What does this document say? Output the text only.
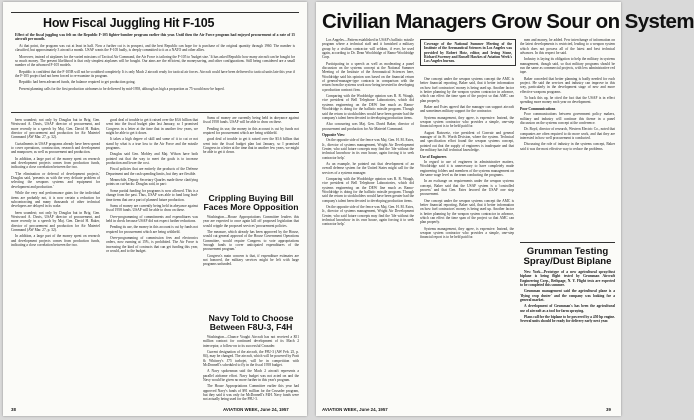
How Fiscal Juggling Hit F-105
Effect of the fiscal juggling was felt on the Republic F-105 fighter-bomber program earlier this year. Until then the Air Force program had enjoyed procurement of a rate of 15 aircraft per month.

At that point, the program was cut at least in half. Now a further cut is in prospect, and the best Republic can hope for is purchase of the original quantity through 1960. The number is classified, but approximately 3 aircraft a month. USAF wants the F-105 badly, is deeply committed to it as a NATO and other allies.

Moreover, instead of airplanes for the varied missions of Tactical Air Command, the Air Force is tailoring the F-105 to 'budget size.' It has asked Republic how many aircraft can be bought for so much money. The present likelihood is that only simplest airplanes will be bought. Our aims are the efficient, the moneysaving, and other configurations. Still being considered are a small number of the advanced F-105 models.

Republic is confident that the F-105B will not be scrubbed completely. It is only Mach 2 aircraft ready for tactical air forces. Aircraft could have been delivered to tactical units late this year if the F-105 project had not been forced to re-examine its program.

Republic had been advanced funds, the balance required to get production going.

Present planning calls for the first production airframes to be delivered by mid-1958, although as high a proportion as 75 would now be hoped.

been soundest; not only by Douglas but in Brig. Gen. Westwood A. Davis, USAF director of procurement, and more recently in a speech by Maj. Gen. David H. Baker, director of procurement and production for Air Materiel Command (AW Mar. 27, p. 32).

Curtailments in USAF programs already have been spread to cover operations, construction, research and development and manpower, as well as procurement and production.

In addition, a large part of the money spent on research and development projects comes from production funds, indicating a close correlation between the two.

'The elimination or deferral of development projects,' Douglas said, 'presents us with the very delicate problem of selecting the weapons systems and equipment for development and production.'

While the very real performance gains for the individual items are probably not, it is now certain a reduction for subcontracting and many thousands of other technical developers are delayed in its wake.

been soundest; not only by Douglas but in Brig. Gen. Westwood A. Davis, USAF director of procurement, and more recently in a speech by Maj. Gen. David H. Baker, director of procurement and production for Air Materiel Command (AW Mar. 27, p. 32).

In addition, a large part of the money spent on research and development projects comes from production funds, indicating a close correlation between the two.

good deal of trouble to get it raised over the $3.6 billion that went into the fiscal budget plan last January, so I promised Congress in a letter at the time that in another few years, we might be able to get it down.

It takes a high degree of skill and some of it to cut or not stand by what is a true loss to the Air Force and the missile programs.

Douglas said Gen. Mobley and Maj. Wilson have both pointed out that the way to meet the goals is to increase production and lower the cost.

Fiscal policies that are entirely the products of the Defense Department and the cash spending limits, but they are flexible.

Meanwhile, Deputy Secretary Quarles made these clarifying points on cut-backs: Douglas said, in part:

Some partial funding for programs is now allowed. This is a change from the past. Thus, USAF was able to fund long lead-time items that are a part of planned future production.

Sums of money are currently being held in abeyance against fiscal 1958 funds. USAF will be able to draw on these.

Over-programming of commitments and expenditures was held in check because USAF did not expect further reductions.

Pending its use, the money in this account is cut by funds not required for procurement which are being withheld.

Over-programming of commission fees and electronics orders, now running at 15%, is prohibited. The Air Force is increasing the kind of contracts that can get funding this year, or would, and to the budget.

Sums of money are currently being held in abeyance against fiscal 1958 funds. USAF will be able to draw on these.

Pending its use, the money in this account is cut by funds not required for procurement which are being withheld.

good deal of trouble to get it raised over the $3.6 billion that went into the fiscal budget plan last January, so I promised Congress in a letter at the time that in another few years, we might be able to get it down.

Crippling Buying Bill Faces More Opposition

Washington—House Appropriations Committee leaders this year are expected to once again kill off proposed legislation that would cripple the proposed services' procurement policies.

The measure, which already has been approved by the House, would cut general approval of the House Government Operations Committee, would require Congress to vote appropriations 'enough funds to cover anticipated expenditures of the procurement program.'

Congress's main concern is that, if expenditure estimates are not honored, the military services might be left with large programs unfunded.

Navy Told to Choose Between F8U-3, F4H

Washington—Chance Vought Aircraft has not received a $51 million contract for continued development of its Mach 2 interceptor, a follow-on to its successful Crusader.

Current designation of the aircraft, the F8U-3 (AW Feb. 25, p. 84), may be changed. The aircraft, which will be powered by Pratt & Whitney's J75 turbojet, will be in competition with McDonnell's scheduled to fly in the fiscal 1958 budget.

A Navy spokesman said the Mach 2 aircraft represents a parallel airframe effort. Navy budget was not acted on and the Navy would be given no more further in this year's program.

The House Appropriations Committee earlier this year had approved Navy's funds of $91 million for the Crusader program, but they said it was only for McDonnell's F4H. Navy funds were not actually being used for the F8U-3.

38	AVIATION WEEK, June 24, 1957
Civilian Managers Grow Sour on System

Los Angeles—Pattern established in USAF's ballistic missile program where a technical staff and it furnished a military group by a civilian contractor will seldom, if ever, be used again, according to Dr. Dean Wooldridge of Ramo-Wooldridge Corp.

Participating in a speech as well as moderating a panel discussion on the systems concept at the National Summer Meeting of the Institute of the Aeronautical Sciences here, Wooldridge said his opinion was based on the financial return of general-manager-type contracts in comparison with the return from the systems work now being invested in developing a production contract firm.

Comparing with the Wooldridge opinion was R. R. Waugh, vice president of Bell Telephone Laboratories, which did systems engineering on the DEW line much as Ramo-Wooldridge is doing for the ballistic missile program. Though said the return to stockholders would have been greater had the company's talent been devoted to developing production items.

Also concurring was Maj. Gen. David Baker, director of procurement and production for Air Materiel Command.

Opposite View

On the opposite side of the fence was Maj. Gen. H. M. Estes, Jr., director of systems management, Wright Air Development Center, who said future concepts may find the 'life without the technical knowhow in its own house, again forcing it to seek contractor help.'

As an example, he pointed out that development of an overall defense system for the United States might call for the services of a systems manager.

Comparing with the Wooldridge opinion was R. R. Waugh, vice president of Bell Telephone Laboratories, which did systems engineering on the DEW line much as Ramo-Wooldridge is doing for the ballistic missile program. Though said the return to stockholders would have been greater had the company's talent been devoted to developing production items.

On the opposite side of the fence was Maj. Gen. H. M. Estes, Jr., director of systems management, Wright Air Development Center, who said future concepts may find the 'life without the technical knowhow in its own house, again forcing it to seek contractor help.'

Coverage of the National Summer Meeting of the Institute of the Aeronautical Sciences in Los Angeles was provided by Robert Hotz, editor, and Irving Stone, Richard Sweeney and Russell Hawkes of Aviation Week's Los Angeles bureau.

One concept under the weapon systems concept the AMC is better financial reporting, Baker said, that it better information on how fuel contractors' money is being used up. Another factor is better planning by the weapon system contractor in advance, which can effect the time span of the project so that AMC can plan properly.

Baker and Estes agreed that the manager can support aircraft and sometimes military support for the contractor.

Systems management, they agree, is expensive. Instead, the weapon system contractor who provides a simple, one-step financial report is to be held paid for.

August Raiswetz, vice president of Convair and general manager of its Ft. Worth Division, where the system. Technical and specification effort found the weapon systems concept, pointed out that the supply of engineers is inadequate and that the military has full technical knowledge.

Use of Engineers

In regard to use of engineers in administrative matters, Wooldridge said it is unnecessary to have completely made engineering folders and members of the systems management on the same wage level as the team conducting the programs.

In an exchange on requirements under the weapon systems concept, Baker said that the USAF system is a 'controlled process' and that Gen. Estes favored the USAF one stop procurement.

One concept under the weapon systems concept the AMC is better financial reporting, Baker said, that it better information on how fuel contractors' money is being used up. Another factor is better planning by the weapon system contractor in advance, which can effect the time span of the project so that AMC can plan properly.

Systems management, they agree, is expensive. Instead, the weapon system contractor who provides a simple, one-step financial report is to be held paid for.

men and money, he added. Few interchange of information on the latest developments is restricted, leading to a weapon system which does not possess all of the latest and best technical advances. In this respect he said.

Industry is laying its obligation to help the military in systems management, though said, so that military programs should be run the same as commercial projects, with less administrative red tape.

Baker conceded that better planning is badly needed for each project. He said the services and industry can improve in this way, particularly in the development stage of new and more effective weapons programs.

To back this up, he cited the fact that the USAF is in effect spending more money each year on development.

Poor Communications

Poor communications between government policy makers, military and industry will continue this theme in a panel discussion on the systems concept at the conference.

Dr. Boyd, director of research, Western Electric Co., noted that companies are often required to do more work, and that they are interested in how well procurement is conducted.

Discussing the role of industry in the systems concept, Baker said it was the most effective way to reduce the problems.

Grumman Testing Spray/Dust Biplane

New York—Prototype of a new agricultural spray/dust biplane is being flight tested by Grumman Aircraft Engineering Corp., Bethpage, N. Y. Flight tests are expected to be completed this summer.

Grumman management said the agricultural plane is a 'flying crop duster' and the company was looking for a general market.

A development of Grumman's has been the agricultural use of aircraft as a tool for farm spraying.

Plans call for the biplane to be powered by a 450 hp engine. Several units should be ready for delivery early next year.

AVIATION WEEK, June 24, 1957	39
